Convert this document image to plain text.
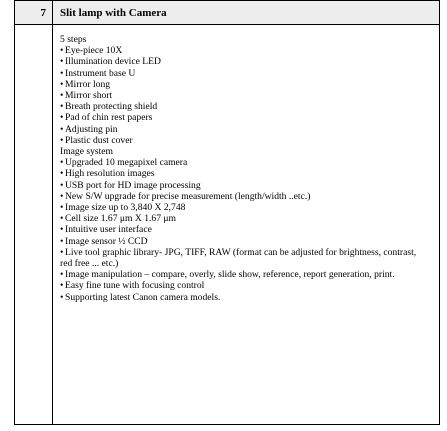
7	Slit lamp with Camera
5 steps
• Eye-piece 10X
• Illumination device LED
• Instrument base U
• Mirror long
• Mirror short
• Breath protecting shield
• Pad of chin rest papers
• Adjusting pin
• Plastic dust cover
Image system
• Upgraded 10 megapixel camera
• High resolution images
• USB port for HD image processing
• New S/W upgrade for precise measurement (length/width ..etc.)
• Image size up to 3,840 X 2,748
• Cell size 1.67 μm X 1.67 μm
• Intuitive user interface
• Image sensor ½ CCD
• Live tool graphic library- JPG, TIFF, RAW (format can be adjusted for brightness, contrast, red free ... etc.)
• Image manipulation – compare, overly, slide show, reference, report generation, print.
• Easy fine tune with focusing control
• Supporting latest Canon camera models.
